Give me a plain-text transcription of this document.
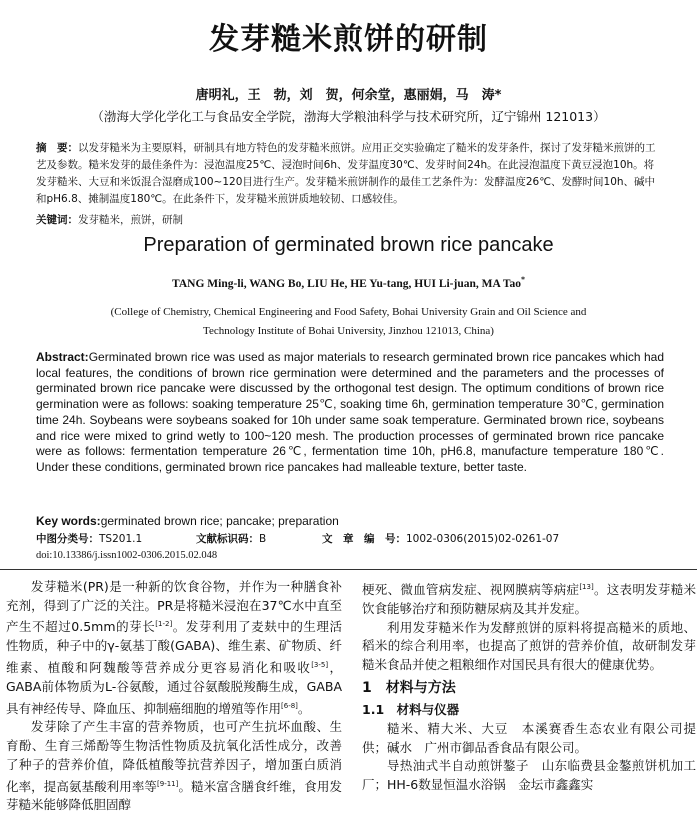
发芽糙米煎饼的研制
唐明礼，王　勃，刘　贺，何余堂，惠丽娟，马　涛*
（渤海大学化学化工与食品安全学院，渤海大学粮油科学与技术研究所，辽宁锦州 121013）
摘　要：以发芽糙米为主要原料，研制具有地方特色的发芽糙米煎饼。应用正交实验确定了糙米的发芽条件，探讨了发芽糙米煎饼的工艺及参数。糙米发芽的最佳条件为：浸泡温度25℃、浸泡时间6h、发芽温度30℃、发芽时间24h。在此浸泡温度下黄豆浸泡10h。将发芽糙米、大豆和米饭混合湿磨成100~120目进行生产。发芽糙米煎饼制作的最佳工艺条件为：发酵温度26℃、发酵时间10h、碱中和pH6.8、摊制温度180℃。在此条件下，发芽糙米煎饼质地较韧、口感较佳。
关键词：发芽糙米，煎饼，研制
Preparation of germinated brown rice pancake
TANG Ming-li, WANG Bo, LIU He, HE Yu-tang, HUI Li-juan, MA Tao*
(College of Chemistry, Chemical Engineering and Food Safety, Bohai University Grain and Oil Science and
Technology Institute of Bohai University, Jinzhou 121013, China)
Abstract:Germinated brown rice was used as major materials to research germinated brown rice pancakes which had local features, the conditions of brown rice germination were determined and the parameters and the processes of germinated brown rice pancake were discussed by the orthogonal test design. The optimum conditions of brown rice germination were as follows: soaking temperature 25℃, soaking time 6h, germination temperature 30℃, germination time 24h. Soybeans were soybeans soaked for 10h under same soak temperature. Germinated brown rice, soybeans and rice were mixed to grind wetly to 100~120 mesh. The production processes of germinated brown rice pancake were as follows: fermentation temperature 26℃, fermentation time 10h, pH6.8, manufacture temperature 180℃. Under these conditions, germinated brown rice pancakes had malleable texture, better taste.
Key words:germinated brown rice; pancake; preparation
中图分类号：TS201.1	文献标识码：B	文　章　编　号：1002-0306(2015)02-0261-07
doi:10.13386/j.issn1002-0306.2015.02.048

发芽糙米(PR)是一种新的饮食谷物，并作为一种膳食补充剂，得到了广泛的关注。PR是将糙米浸泡在37℃水中直至产生不超过0.5mm的芽长[1-2]。发芽利用了麦麸中的生理活性物质，种子中的γ-氨基丁酸(GABA)、维生素、矿物质、纤维素、植酸和阿魏酸等营养成分更容易消化和吸收[3-5]，GABA前体物质为L-谷氨酸，通过谷氨酸脱羧酶生成，GABA具有神经传导、降血压、抑制癌细胞的增殖等作用[6-8]。

发芽除了产生丰富的营养物质，也可产生抗坏血酸、生育酚、生育三烯酚等生物活性物质及抗氧化活性成分，改善了种子的营养价值，降低植酸等抗营养因子，增加蛋白质消化率，提高氨基酸利用率等[9-11]。糙米富含膳食纤维，食用发芽糙米能够降低胆固醇

梗死、微血管病发症、视网膜病等病症[13]。这表明发芽糙米饮食能够治疗和预防糖尿病及其并发症。

利用发芽糙米作为发酵煎饼的原料将提高糙米的质地、稻米的综合利用率，也提高了煎饼的营养价值，故研制发芽糙米食品并使之粗粮细作对国民具有很大的健康优势。

1　材料与方法
1.1　材料与仪器

糙米、精大米、大豆　本溪赛香生态农业有限公司提供；碱水　广州市御品香食品有限公司。

导热油式半自动煎饼鏊子　山东临费县金鏊煎饼机加工厂；HH-6数显恒温水浴锅　金坛市鑫鑫实
